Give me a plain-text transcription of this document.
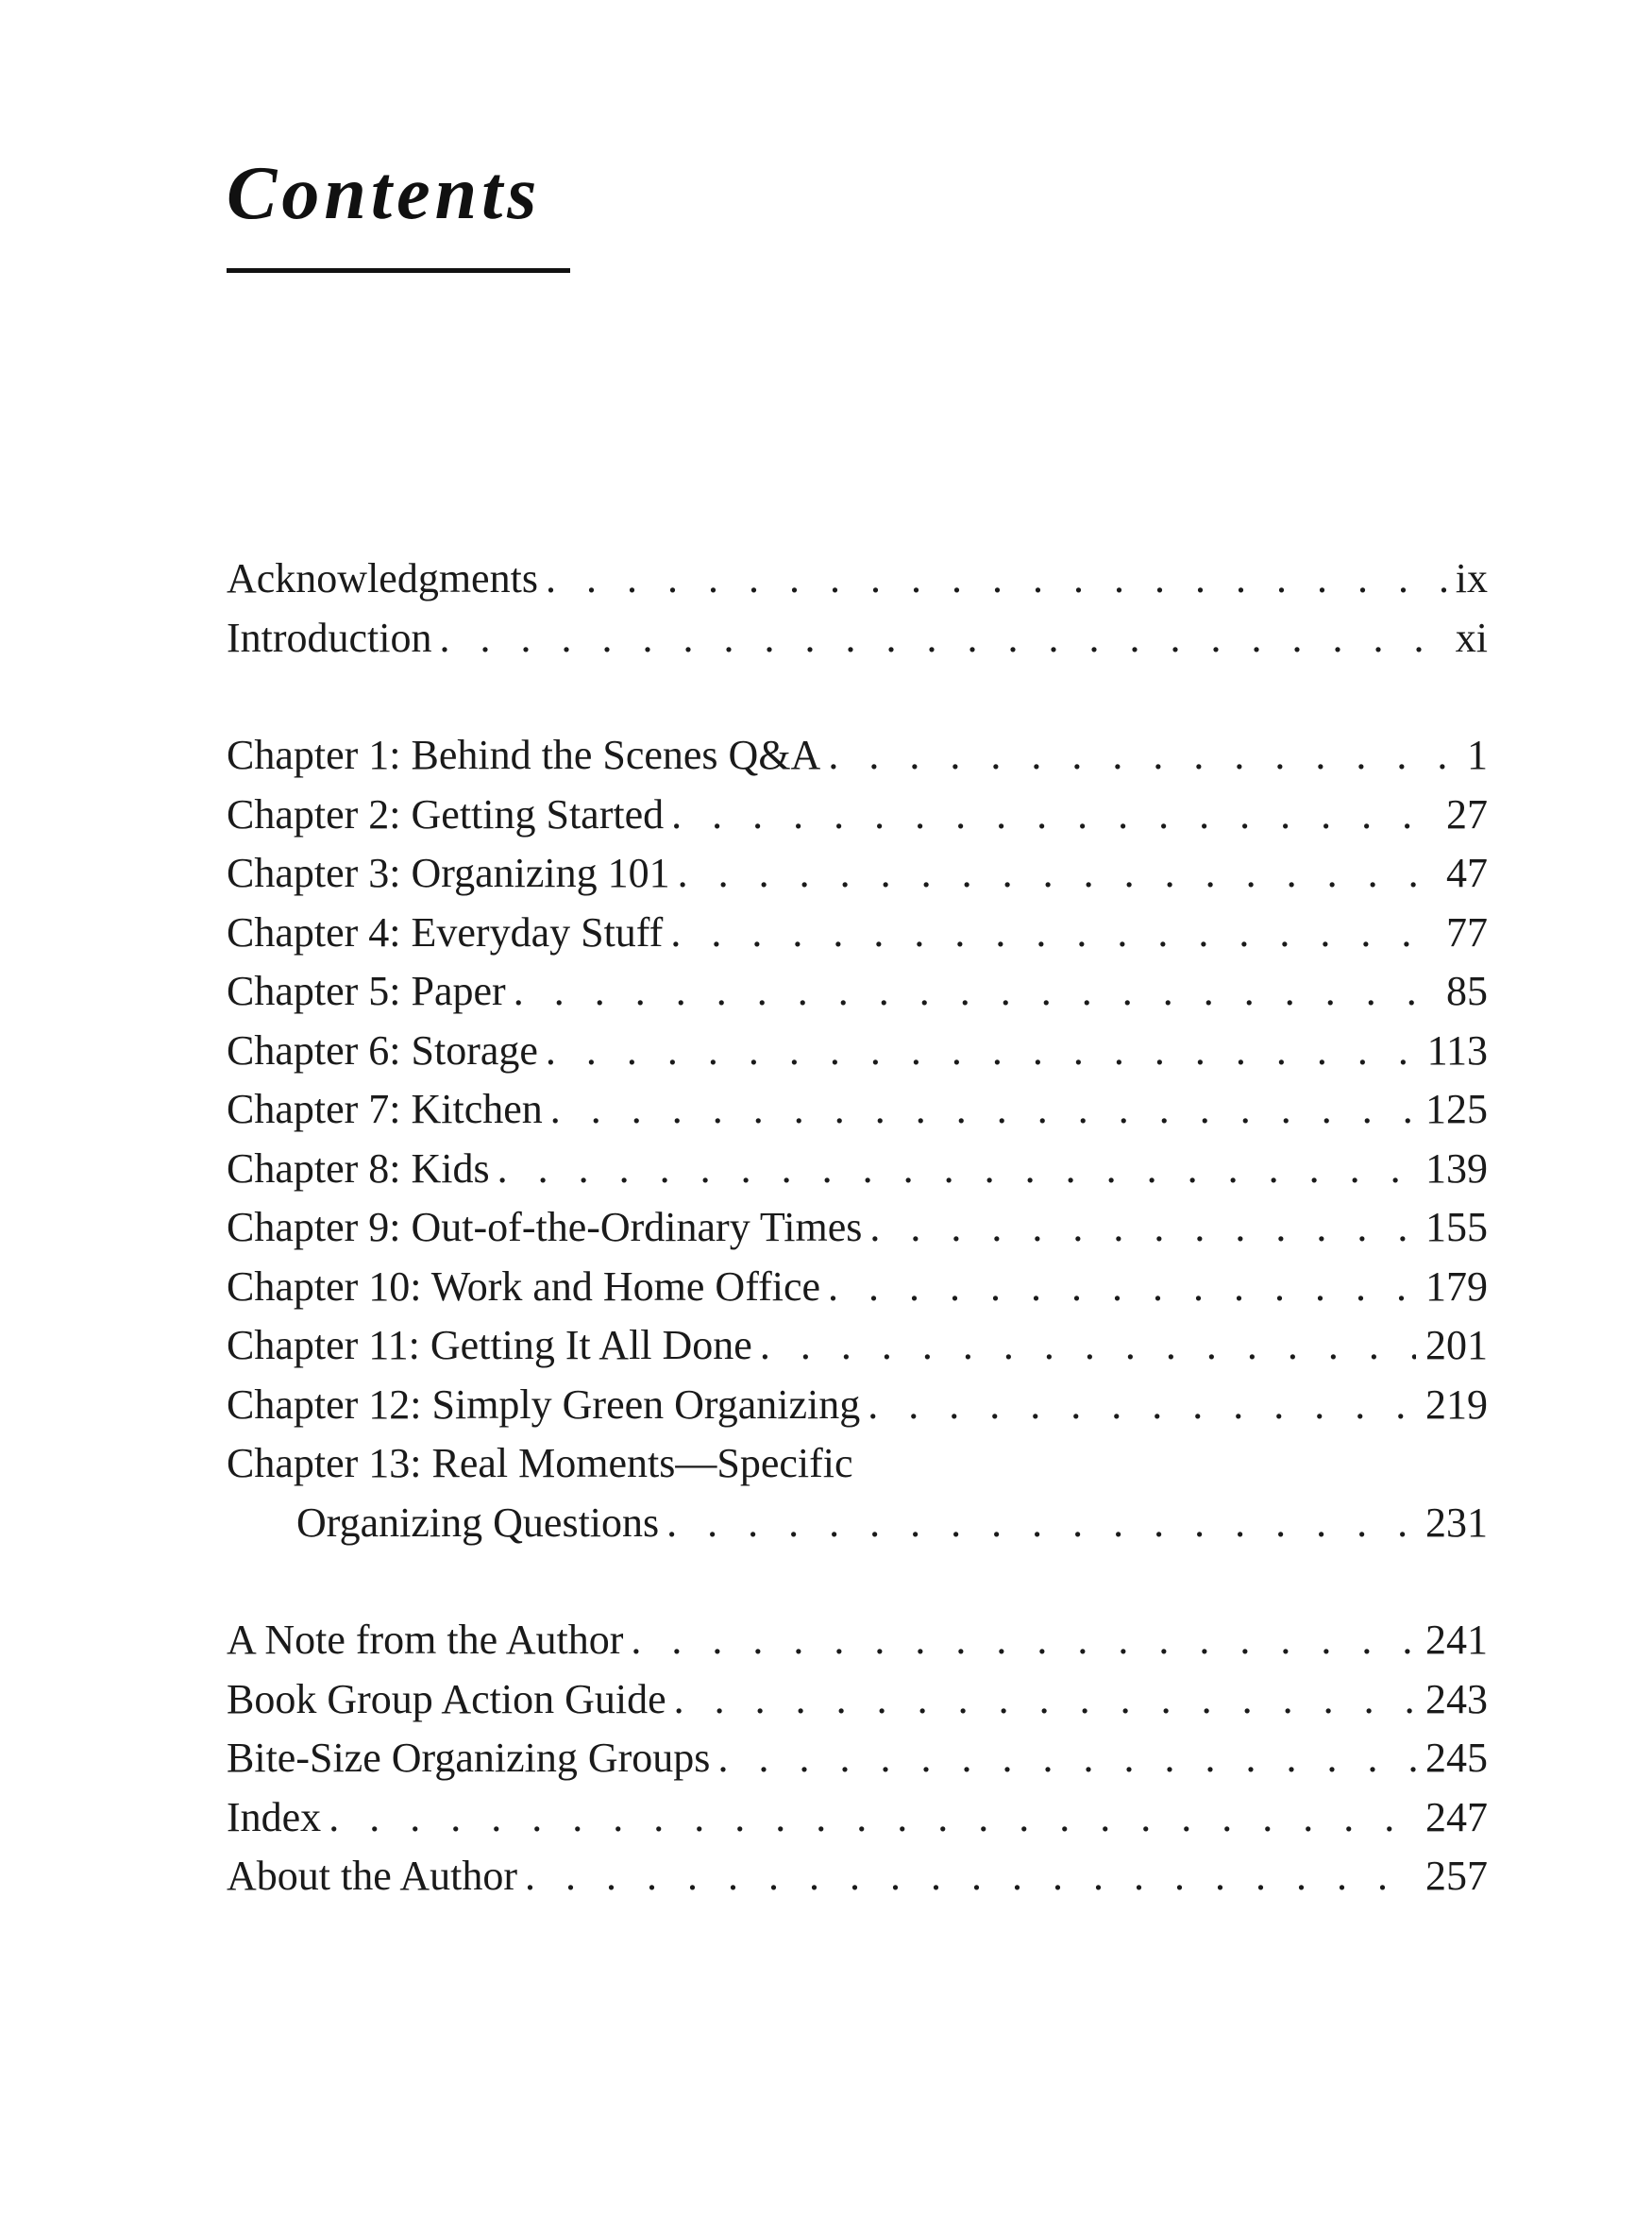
Contents
Acknowledgments . . .	ix
Introduction . . .	xi
Chapter 1: Behind the Scenes Q&A . . .	1
Chapter 2: Getting Started . . .	27
Chapter 3: Organizing 101 . . .	47
Chapter 4: Everyday Stuff . . .	77
Chapter 5: Paper . . .	85
Chapter 6: Storage . . .	113
Chapter 7: Kitchen . . .	125
Chapter 8: Kids . . .	139
Chapter 9: Out-of-the-Ordinary Times . . .	155
Chapter 10: Work and Home Office . . .	179
Chapter 11: Getting It All Done . . .	201
Chapter 12: Simply Green Organizing . . .	219
Chapter 13: Real Moments—Specific
Organizing Questions . . .	231
A Note from the Author . . .	241
Book Group Action Guide . . .	243
Bite-Size Organizing Groups . . .	245
Index . . .	247
About the Author . . .	257
